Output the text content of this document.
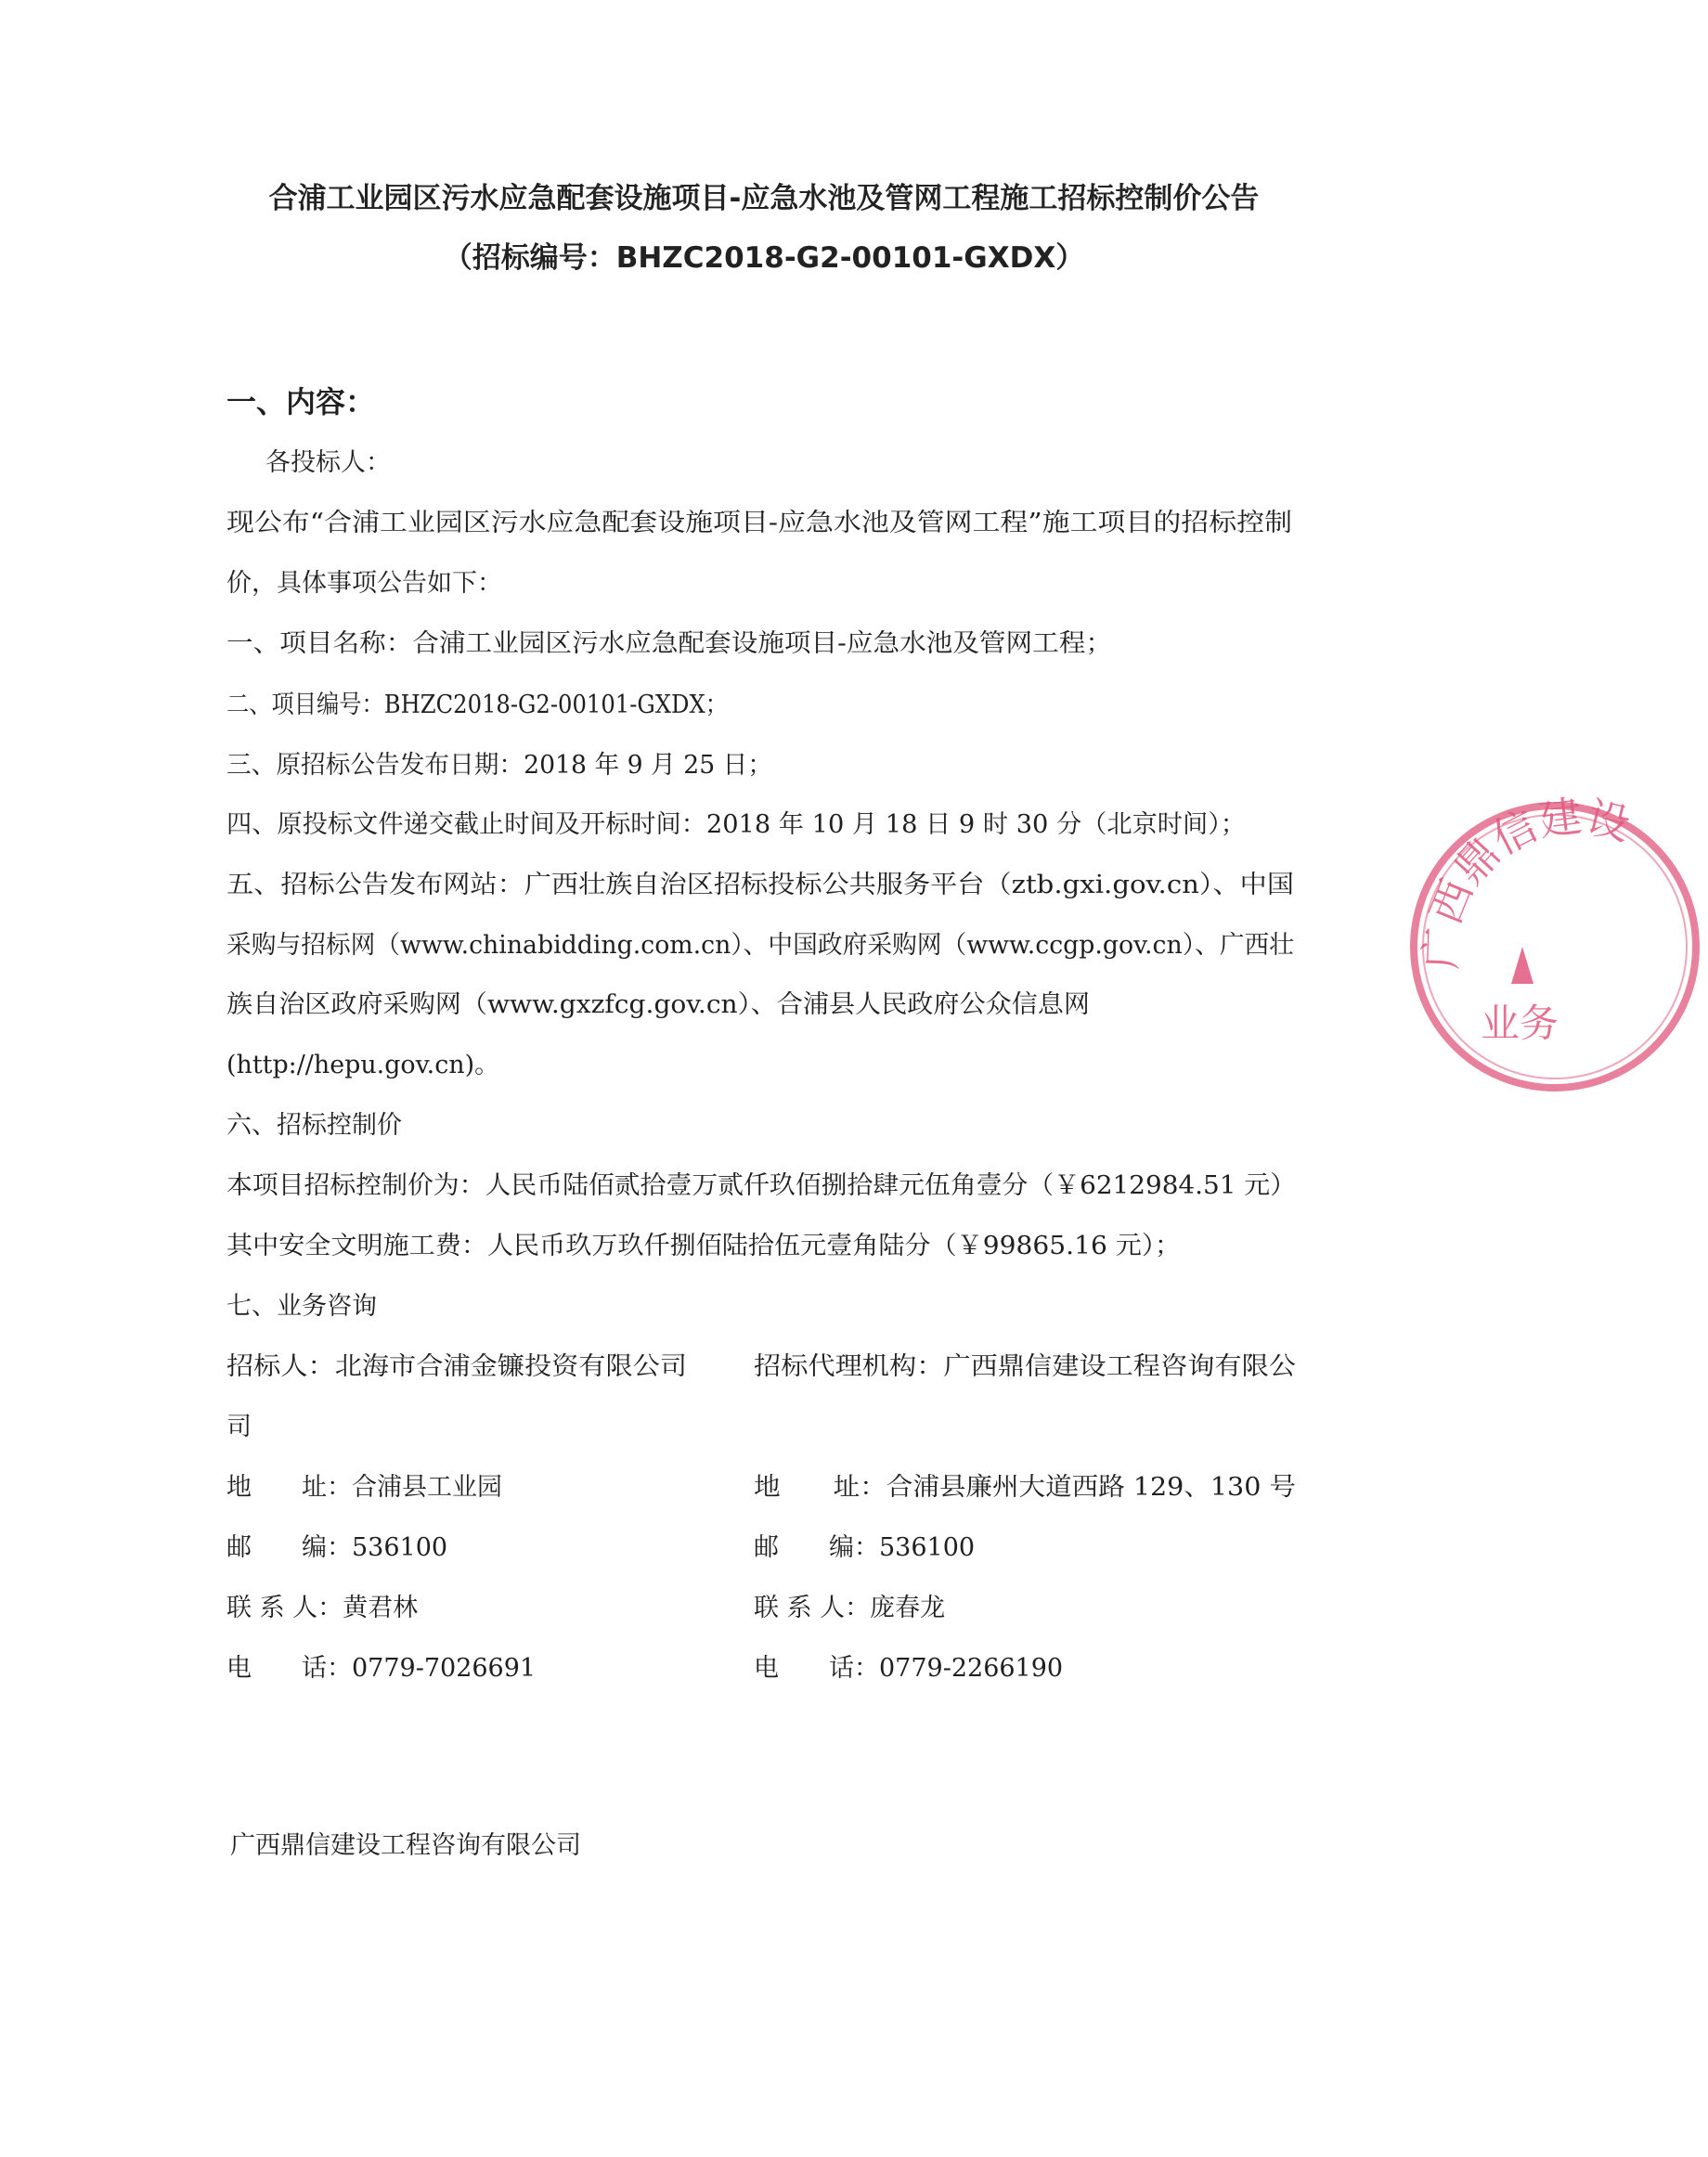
合浦工业园区污水应急配套设施项目-应急水池及管网工程施工招标控制价公告
（招标编号：BHZC2018-G2-00101-GXDX）
一、内容：
各投标人：
现公布“合浦工业园区污水应急配套设施项目-应急水池及管网工程”施工项目的招标控制
价，具体事项公告如下：
一、项目名称：合浦工业园区污水应急配套设施项目-应急水池及管网工程；
二、项目编号：BHZC2018-G2-00101-GXDX；
三、原招标公告发布日期：2018 年 9 月 25 日；
四、原投标文件递交截止时间及开标时间：2018 年 10 月 18 日 9 时 30 分（北京时间）；
五、招标公告发布网站：广西壮族自治区招标投标公共服务平台（ztb.gxi.gov.cn）、中国
采购与招标网（www.chinabidding.com.cn）、中国政府采购网（www.ccgp.gov.cn）、广西壮
族自治区政府采购网（www.gxzfcg.gov.cn）、合浦县人民政府公众信息网
(http://hepu.gov.cn)。
六、招标控制价
本项目招标控制价为：人民币陆佰贰拾壹万贰仟玖佰捌拾肆元伍角壹分（￥6212984.51 元）
其中安全文明施工费：人民币玖万玖仟捌佰陆拾伍元壹角陆分（￥99865.16 元）；
七、业务咨询
招标人：北海市合浦金镰投资有限公司
司
地　　址：合浦县工业园
邮　　编：536100
联 系 人：黄君林
电　　话：0779-7026691
招标代理机构：广西鼎信建设工程咨询有限公
地　　址：合浦县廉州大道西路 129、130 号
邮　　编：536100
联 系 人：庞春龙
电　　话：0779-2266190
广西鼎信建设工程咨询有限公司
广西鼎信建设
业务
